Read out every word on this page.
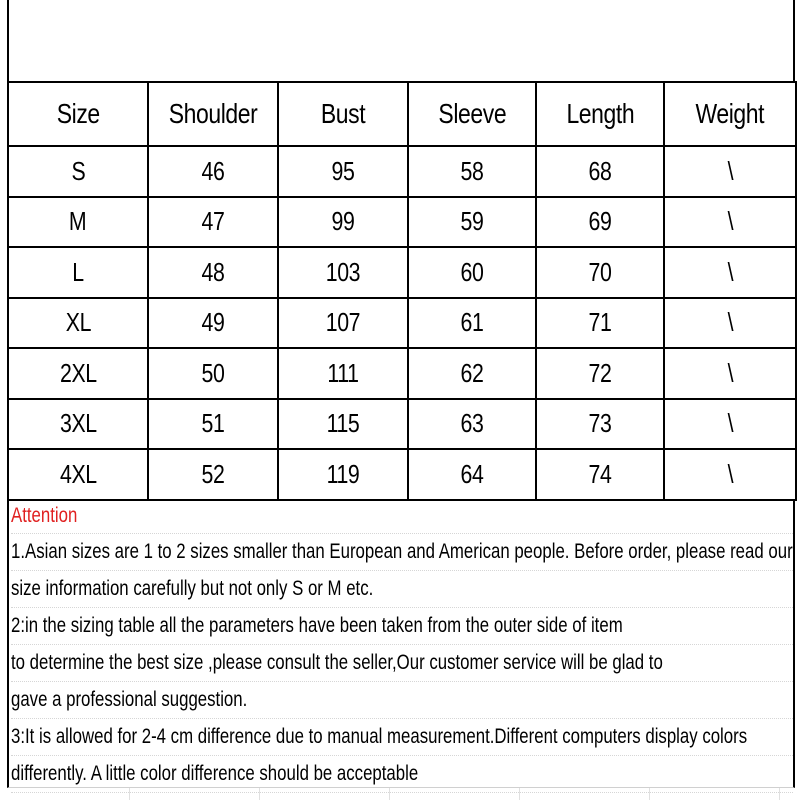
Size	Shoulder	Bust	Sleeve	Length	Weight
S	46	95	58	68	\
M	47	99	59	69	\
L	48	103	60	70	\
XL	49	107	61	71	\
2XL	50	111	62	72	\
3XL	51	115	63	73	\
4XL	52	119	64	74	\
Attention
1.Asian sizes are 1 to 2 sizes smaller than European and American people. Before order, please read our
size information carefully but not only S or M etc.
2:in the sizing table all the parameters have been taken from the outer side of item
to determine the best size ,please consult the seller,Our customer service will be glad to
gave a professional suggestion.
3:It is allowed for 2-4 cm difference due to manual measurement.Different computers display colors
differently. A little color difference should be acceptable
